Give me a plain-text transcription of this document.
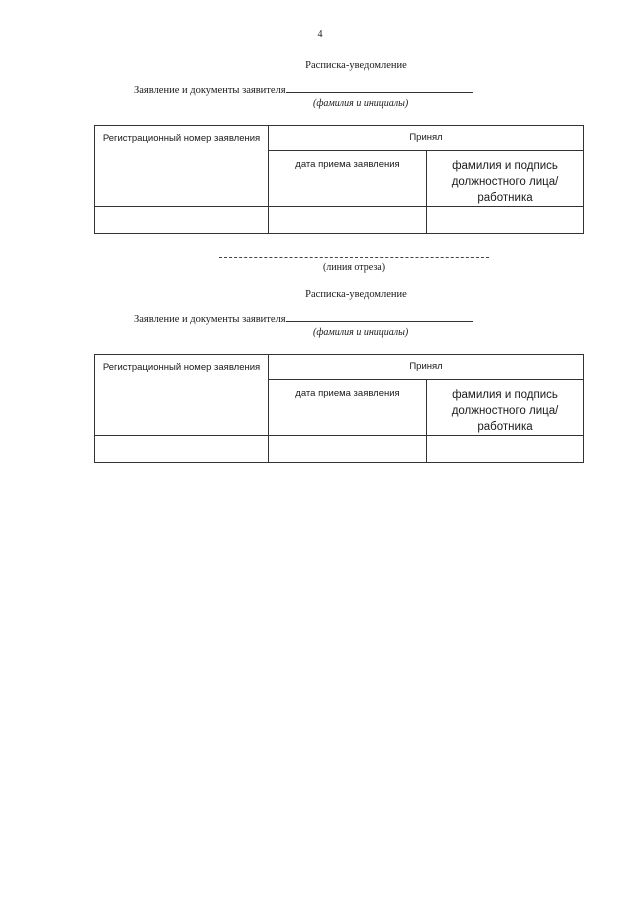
4
Расписка-уведомление
Заявление и документы заявителя
(фамилия и инициалы)
Регистрационный номер заявления	Принял	
	дата приема заявления	фамилия и подпись должностного лица/работника

(линия отреза)
Расписка-уведомление
Заявление и документы заявителя
(фамилия и инициалы)
Регистрационный номер заявления	Принял	
	дата приема заявления	фамилия и подпись должностного лица/работника
